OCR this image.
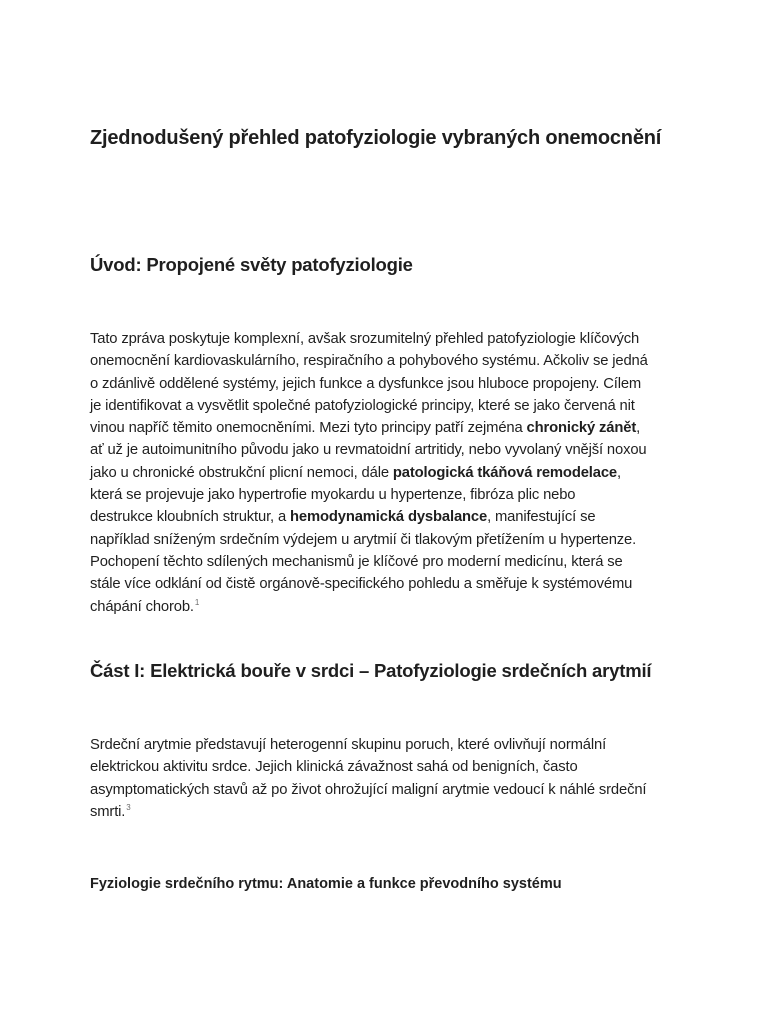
Zjednodušený přehled patofyziologie vybraných onemocnění
Úvod: Propojené světy patofyziologie

Tato zpráva poskytuje komplexní, avšak srozumitelný přehled patofyziologie klíčových
onemocnění kardiovaskulárního, respiračního a pohybového systému. Ačkoliv se jedná
o zdánlivě oddělené systémy, jejich funkce a dysfunkce jsou hluboce propojeny. Cílem
je identifikovat a vysvětlit společné patofyziologické principy, které se jako červená nit
vinou napříč těmito onemocněními. Mezi tyto principy patří zejména chronický zánět,
ať už je autoimunitního původu jako u revmatoidní artritidy, nebo vyvolaný vnější noxou
jako u chronické obstrukční plicní nemoci, dále patologická tkáňová remodelace,
která se projevuje jako hypertrofie myokardu u hypertenze, fibróza plic nebo
destrukce kloubních struktur, a hemodynamická dysbalance, manifestující se
například sníženým srdečním výdejem u arytmií či tlakovým přetížením u hypertenze.
Pochopení těchto sdílených mechanismů je klíčové pro moderní medicínu, která se
stále více odklání od čistě orgánově-specifického pohledu a směřuje k systémovému
chápání chorob.$^1$

Část I: Elektrická bouře v srdci – Patofyziologie srdečních arytmií

Srdeční arytmie představují heterogenní skupinu poruch, které ovlivňují normální
elektrickou aktivitu srdce. Jejich klinická závažnost sahá od benigních, často
asymptomatických stavů až po život ohrožující maligní arytmie vedoucí k náhlé srdeční
smrti.$^3$

Fyziologie srdečního rytmu: Anatomie a funkce převodního systému
